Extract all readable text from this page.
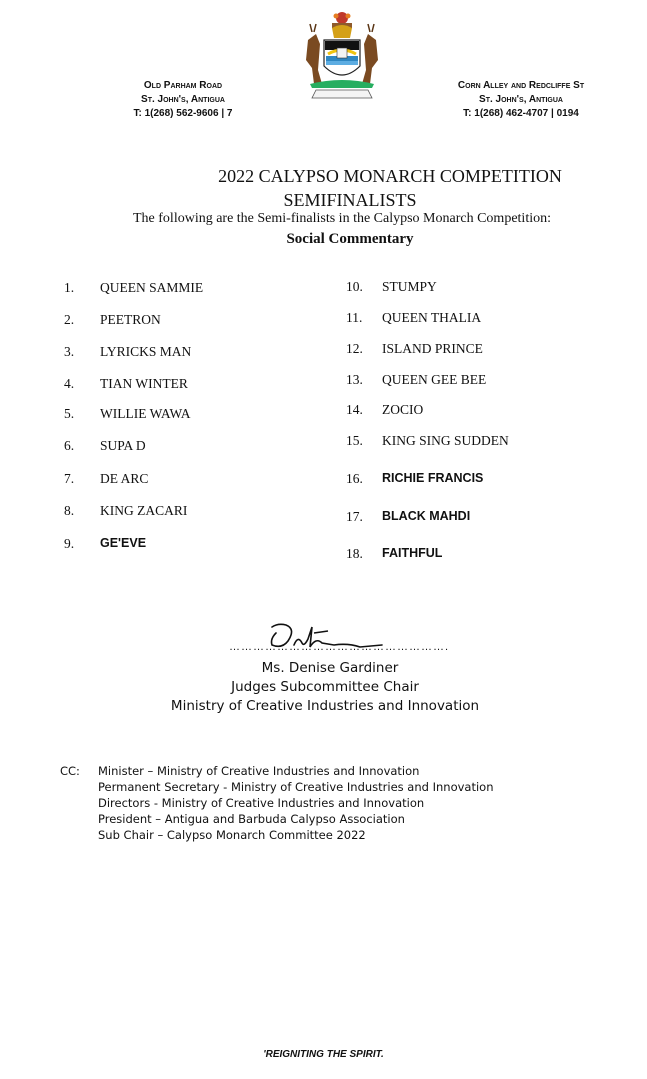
Old Parham Road
St. John's, Antigua
T: 1(268) 562-9606 | 7
Corn Alley and Redcliffe St
St. John's, Antigua
T: 1(268) 462-4707 | 0194
2022 CALYPSO MONARCH COMPETITION
SEMIFINALISTS
The following are the Semi-finalists in the Calypso Monarch Competition:
Social Commentary
1. QUEEN SAMMIE
2. PEETRON
3. LYRICKS MAN
4. TIAN WINTER
5. WILLIE WAWA
6. SUPA D
7. DE ARC
8. KING ZACARI
9. GE'EVE
10. STUMPY
11. QUEEN THALIA
12. ISLAND PRINCE
13. QUEEN GEE BEE
14. ZOCIO
15. KING SING SUDDEN
16. RICHIE FRANCIS
17. BLACK MAHDI
18. FAITHFUL
……………………………………………….
Ms. Denise Gardiner
Judges Subcommittee Chair
Ministry of Creative Industries and Innovation
CC: Minister – Ministry of Creative Industries and Innovation
Permanent Secretary - Ministry of Creative Industries and Innovation
Directors - Ministry of Creative Industries and Innovation
President – Antigua and Barbuda Calypso Association
Sub Chair – Calypso Monarch Committee 2022
'REIGNITING THE SPIRIT.
